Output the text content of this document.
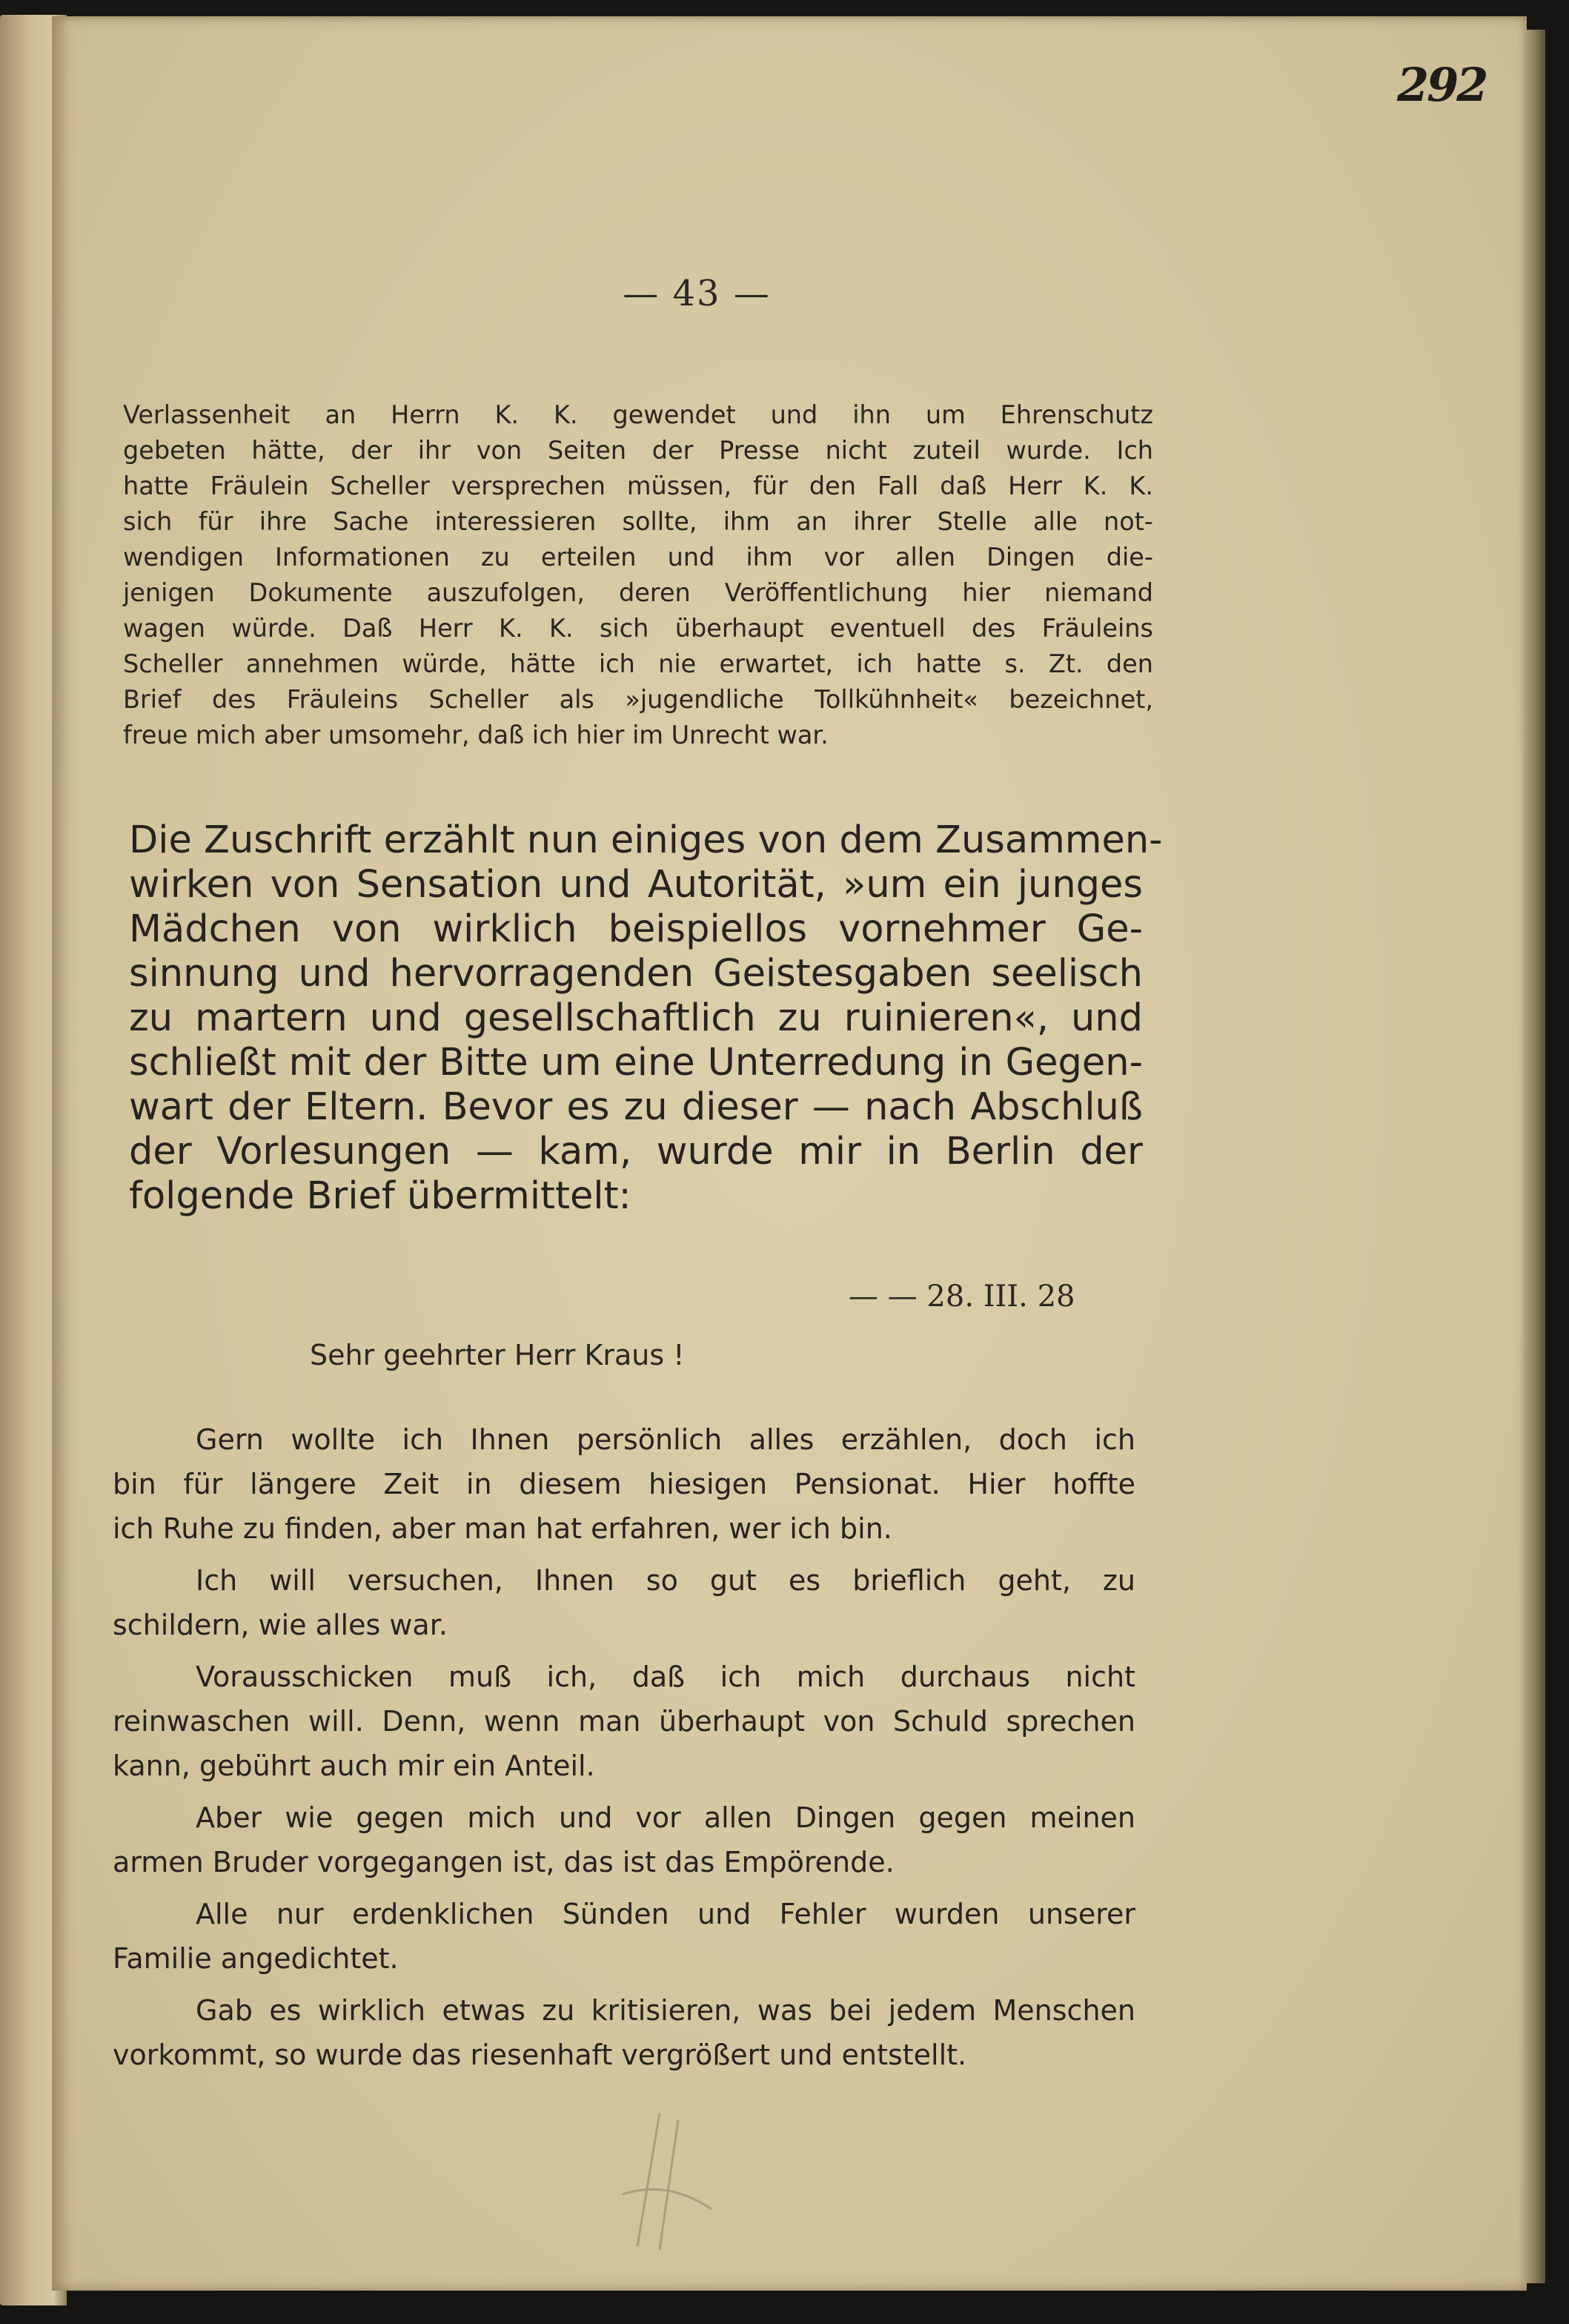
292
— 43 —
Verlassenheit an Herrn K. K. gewendet und ihn um Ehrenschutz
gebeten hätte, der ihr von Seiten der Presse nicht zuteil wurde. Ich
hatte Fräulein Scheller versprechen müssen, für den Fall daß Herr K. K.
sich für ihre Sache interessieren sollte, ihm an ihrer Stelle alle not-
wendigen Informationen zu erteilen und ihm vor allen Dingen die-
jenigen Dokumente auszufolgen, deren Veröffentlichung hier niemand
wagen würde. Daß Herr K. K. sich überhaupt eventuell des Fräuleins
Scheller annehmen würde, hätte ich nie erwartet, ich hatte s. Zt. den
Brief des Fräuleins Scheller als »jugendliche Tollkühnheit« bezeichnet,
freue mich aber umsomehr, daß ich hier im Unrecht war.
Die Zuschrift erzählt nun einiges von dem Zusammen-
wirken von Sensation und Autorität, »um ein junges
Mädchen von wirklich beispiellos vornehmer Ge-
sinnung und hervorragenden Geistesgaben seelisch
zu martern und gesellschaftlich zu ruinieren«, und
schließt mit der Bitte um eine Unterredung in Gegen-
wart der Eltern. Bevor es zu dieser — nach Abschluß
der Vorlesungen — kam, wurde mir in Berlin der
folgende Brief übermittelt:
— — 28. III. 28
Sehr geehrter Herr Kraus !
Gern wollte ich Ihnen persönlich alles erzählen, doch ich
bin für längere Zeit in diesem hiesigen Pensionat. Hier hoffte
ich Ruhe zu finden, aber man hat erfahren, wer ich bin.
Ich will versuchen, Ihnen so gut es brieflich geht, zu
schildern, wie alles war.
Vorausschicken muß ich, daß ich mich durchaus nicht
reinwaschen will. Denn, wenn man überhaupt von Schuld sprechen
kann, gebührt auch mir ein Anteil.
Aber wie gegen mich und vor allen Dingen gegen meinen
armen Bruder vorgegangen ist, das ist das Empörende.
Alle nur erdenklichen Sünden und Fehler wurden unserer
Familie angedichtet.
Gab es wirklich etwas zu kritisieren, was bei jedem Menschen
vorkommt, so wurde das riesenhaft vergrößert und entstellt.
